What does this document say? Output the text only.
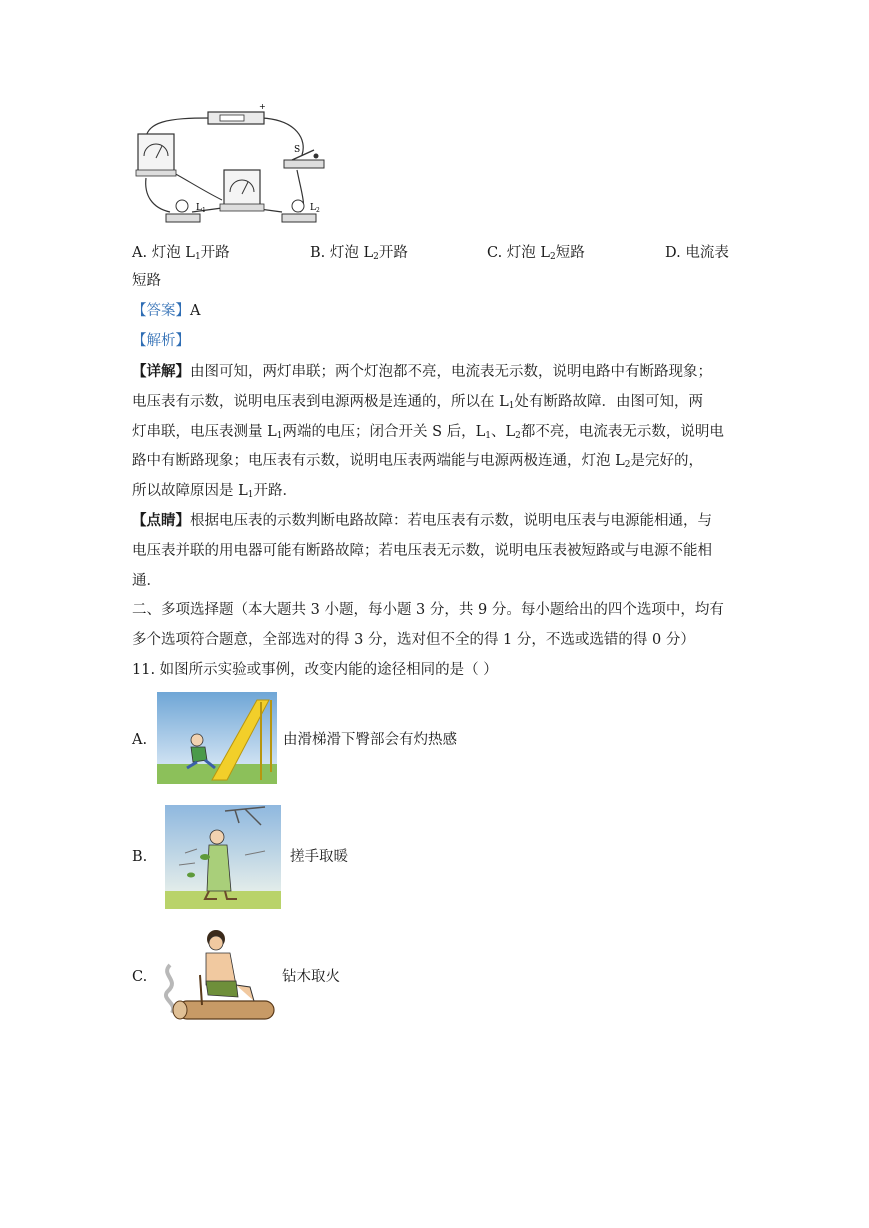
+
S
L 1	L 2
A. 灯泡 $L_1$开路	B. 灯泡 $L_2$开路	C. 灯泡 $L_2$短路	D. 电流表
短路
【答案】A
【解析】
【详解】由图可知，两灯串联；两个灯泡都不亮，电流表无示数，说明电路中有断路现象；
电压表有示数，说明电压表到电源两极是连通的，所以在 $L_1$处有断路故障．由图可知，两
灯串联，电压表测量 $L_1$两端的电压；闭合开关 S 后，$L_1$、$L_2$都不亮，电流表无示数，说明电
路中有断路现象；电压表有示数，说明电压表两端能与电源两极连通，灯泡 $L_2$是完好的，
所以故障原因是 $L_1$开路．
【点睛】根据电压表的示数判断电路故障：若电压表有示数，说明电压表与电源能相通，与
电压表并联的用电器可能有断路故障；若电压表无示数，说明电压表被短路或与电源不能相
通．
二、多项选择题（本大题共 3 小题，每小题 3 分，共 9 分。每小题给出的四个选项中，均有
多个选项符合题意，全部选对的得 3 分，选对但不全的得 1 分，不选或选错的得 0 分）
11. 如图所示实验或事例，改变内能的途径相同的是（ ）
A.	由滑梯滑下臀部会有灼热感
B.	搓手取暖
C.	钻木取火
